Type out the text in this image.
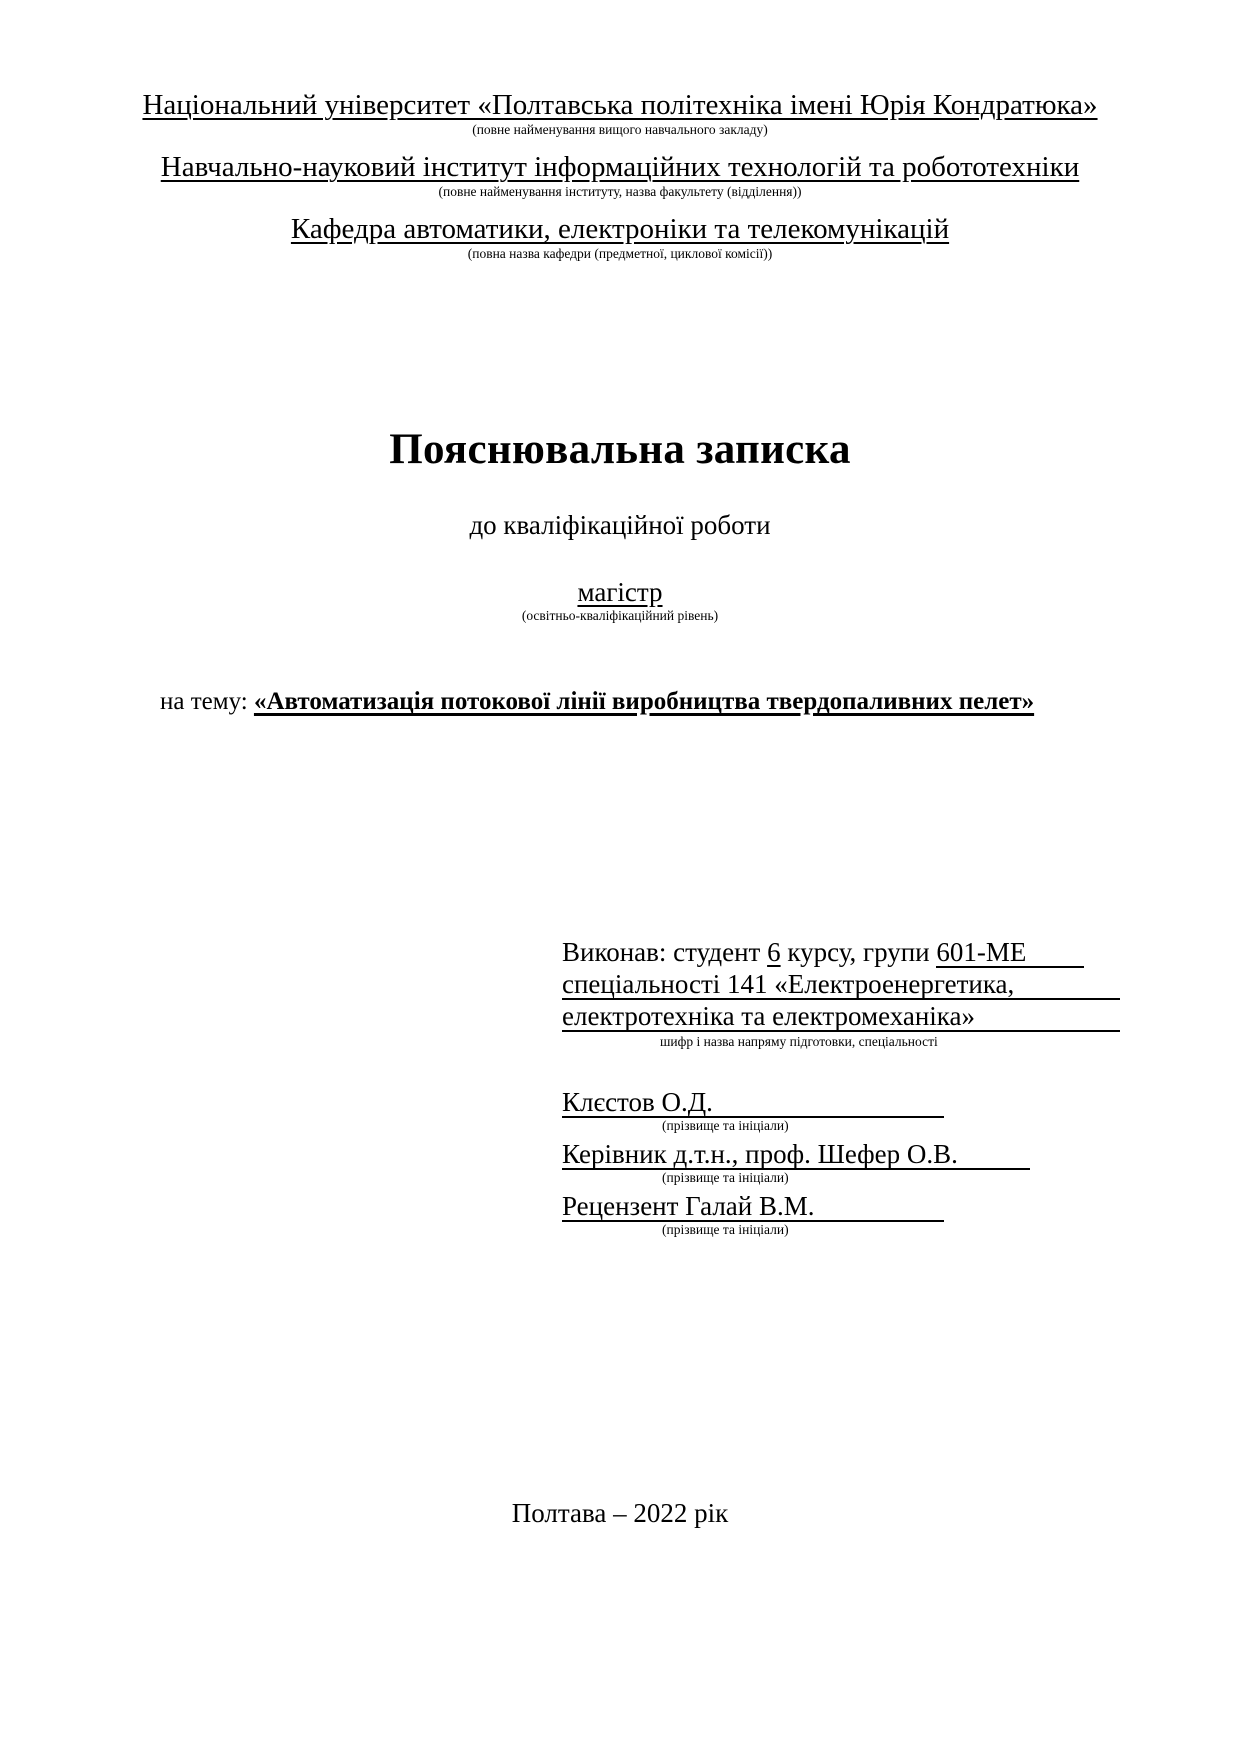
Національний університет «Полтавська політехніка імені Юрія Кондратюка»
(повне найменування вищого навчального закладу)
Навчально-науковий інститут інформаційних технологій та робототехніки
(повне найменування інституту, назва факультету (відділення))
Кафедра автоматики, електроніки та телекомунікацій
(повна назва кафедри (предметної, циклової комісії))
Пояснювальна записка
до кваліфікаційної роботи
магістр
(освітньо-кваліфікаційний рівень)
на тему: «Автоматизація потокової лінії виробництва твердопаливних пелет»
Виконав: студент 6 курсу, групи 601-МЕ
спеціальності 141 «Електроенергетика,
електротехніка та електромеханіка»
шифр і назва напряму підготовки, спеціальності
Клєстов О.Д.
(прізвище та ініціали)
Керівник д.т.н., проф. Шефер О.В.
(прізвище та ініціали)
Рецензент Галай В.М.
(прізвище та ініціали)
Полтава – 2022 рік
